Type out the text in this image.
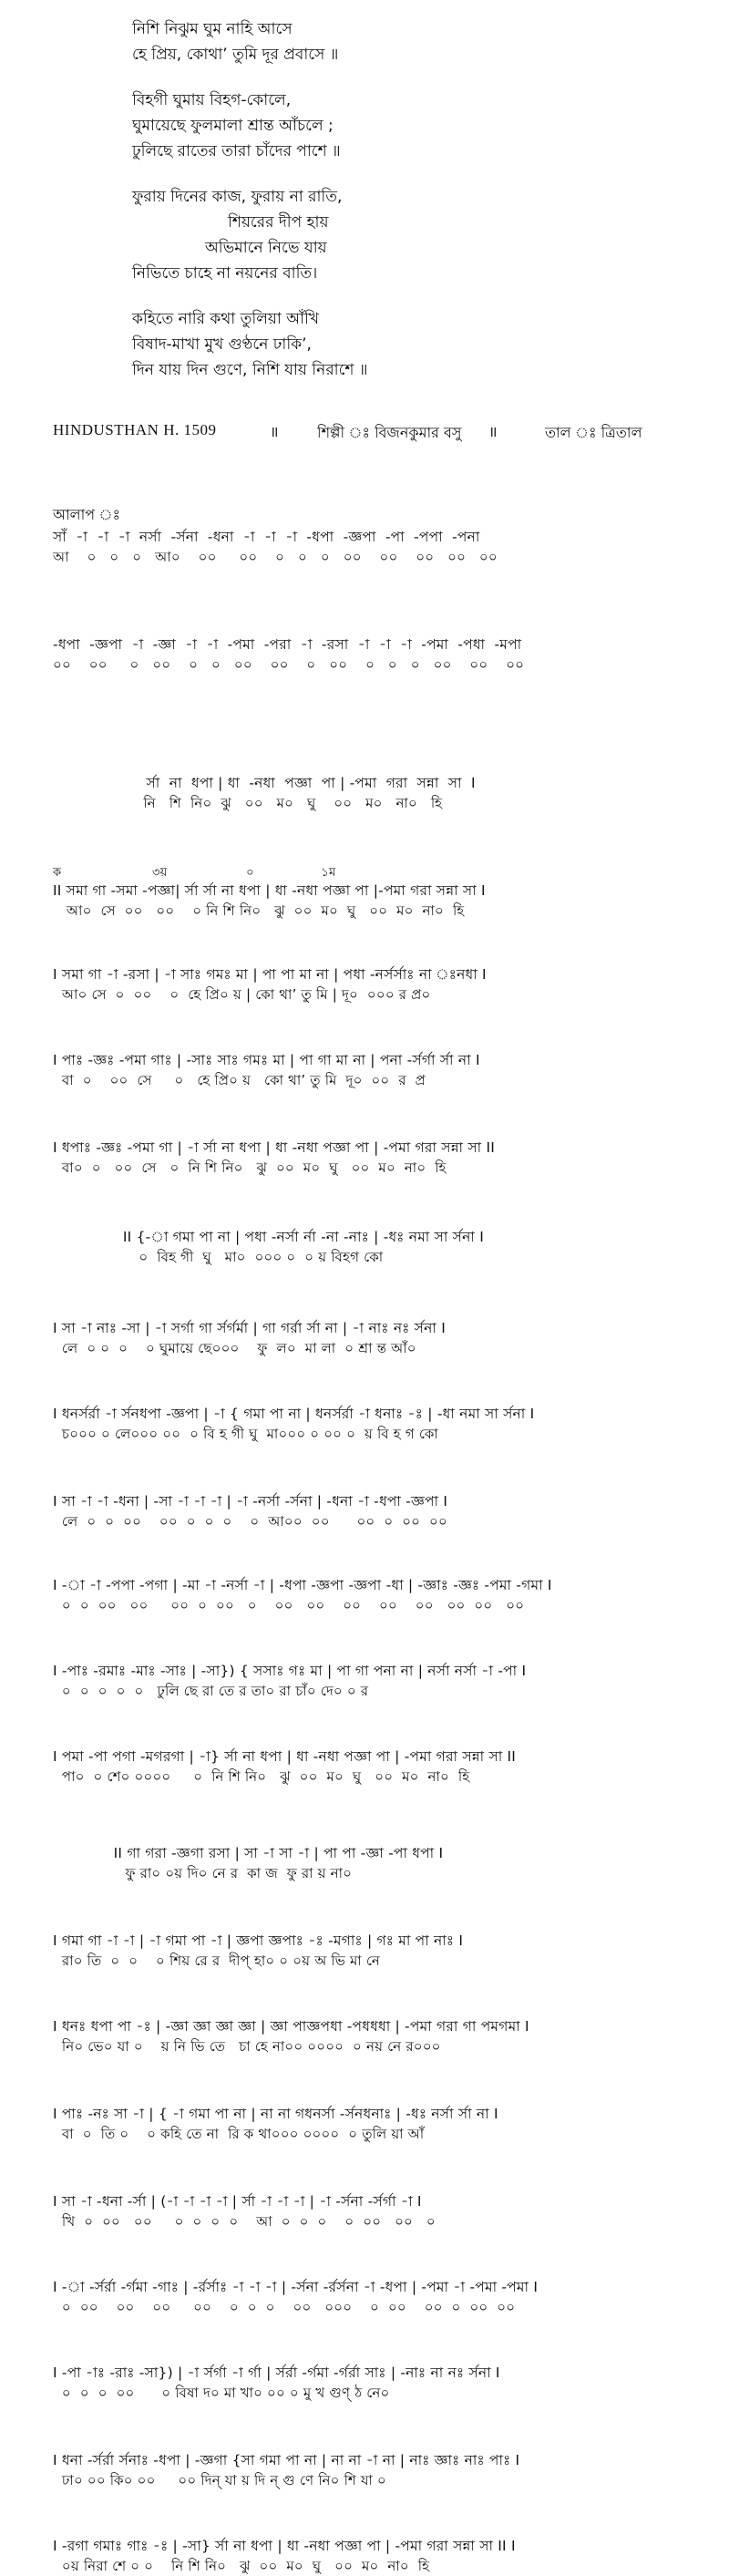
নিশি নিঝুম ঘুম নাহি আসে
হে প্রিয়, কোথা’ তুমি দূর প্রবাসে ॥
বিহগী ঘুমায় বিহগ-কোলে,
ঘুমায়েছে ফুলমালা শ্রান্ত আঁচলে ;
ঢুলিছে রাতের তারা চাঁদের পাশে ॥
ফুরায় দিনের কাজ, ফুরায় না রাতি,
শিয়রের দীপ হায়
অভিমানে নিভে যায়
নিভিতে চাহে না নয়নের বাতি।
কহিতে নারি কথা তুলিয়া আঁখি
বিষাদ-মাখা মুখ গুণ্ঠনে ঢাকি’,
দিন যায় দিন গুণে, নিশি যায় নিরাশে ॥
HINDUSTHAN H. 1509	॥	শিল্পী ঃ বিজনকুমার বসু ॥	তাল ঃ ত্রিতাল
আলাপ ঃ
সাঁ  -া  -া  -া  নর্সা  -র্সনা  -ধনা  -া  -া  -া  -ধপা  -জ্ঞপা  -পা  -পপা  -পনা
আ    ০   ০   ০   আ০    ০০     ০০    ০   ০   ০   ০০    ০০    ০০   ০০   ০০
-ধপা  -জ্ঞপা  -া  -জ্ঞা  -া  -া  -পমা  -পরা  -া  -রসা  -া  -া  -া  -পমা  -পধা  -মপা
০০    ০০     ০   ০০    ০   ০   ০০    ০০    ০   ০০    ০   ০   ০   ০০    ০০    ০০
র্সা  না  ধপা | ধা  -নধা  পজ্ঞা  পা | -পমা  গরা  সন্না  সা  I
নি   শি  নি০  ঝু   ০০   ম০   ঘু    ০০   ম০   না০   হি
ক                       ৩য়                    ০                 ১ম
II সমা গা -সমা -পজ্ঞা| র্সা র্সা না ধপা | ধা -নধা পজ্ঞা পা |-পমা গরা সন্না সা I
আ০  সে  ০০   ০০    ০ নি শি নি০   ঝু  ০০  ম০  ঘু   ০০  ম০  না০  হি
I সমা গা -া -রসা | -া সাঃ গমঃ মা | পা পা মা না | পধা -নর্সর্সাঃ না ঃনধা I
আ০ সে  ০  ০০    ০  হে প্রি০ য় | কো থা’ তু মি | দূ০  ০০০ র প্র০
I পাঃ -জ্ঞঃ -পমা গাঃ | -সাঃ সাঃ গমঃ মা | পা গা মা না | পনা -র্সর্গা র্সা না I
বা  ০    ০০  সে     ০   হে প্রি০ য়   কো থা’ তু মি  দূ০  ০০  র  প্র
I ধপাঃ -জ্ঞঃ -পমা গা | -া র্সা না ধপা | ধা -নধা পজ্ঞা পা | -পমা গরা সন্না সা II
বা০  ০   ০০  সে   ০  নি শি নি০   ঝু  ০০  ম০  ঘু   ০০  ম০  না০  হি
II {-া গমা পা না | পধা -নর্সা র্না -না -নাঃ | -ধঃ নমা সা র্সনা I
০  বিহ গী  ঘু   মা০  ০০০ ০  ০ য় বিহগ কো
I সা -া নাঃ -সা | -া সর্গা গা র্সর্গর্মা | গা গর্রা র্সা না | -া নাঃ নঃ র্সনা I
লে  ০ ০  ০    ০ ঘুমায়ে ছে০০০    ফু  ল০  মা লা  ০ শ্রা ন্ত আঁ০
I ধনর্সর্রা -া র্সনধপা -জ্ঞপা | -া { গমা পা না | ধনর্সর্রা -া ধনাঃ -ঃ | -ধা নমা সা র্সনা I
চ০০০ ০ লে০০০ ০০  ০ বি হ গী ঘু  মা০০০ ০ ০০ ০  য় বি হ গ কো
I সা -া -া -ধনা | -সা -া -া -া | -া -নর্সা -র্সনা | -ধনা -া -ধপা -জ্ঞপা I
লে  ০  ০  ০০    ০০  ০  ০  ০    ০  আ০০  ০০      ০০  ০  ০০  ০০
I -া -া -পপা -পগা | -মা -া -নর্সা -া | -ধপা -জ্ঞপা -জ্ঞপা -ধা | -জ্ঞাঃ -জ্ঞঃ -পমা -গমা I
০  ০  ০০   ০০     ০০  ০  ০০   ০    ০০   ০০    ০০    ০০    ০০   ০০  ০০   ০০
I -পাঃ -রমাঃ -মাঃ -সাঃ | -সা}) { সসাঃ গঃ মা | পা গা পনা না | নর্সা নর্সা -া -পা I
০  ০  ০  ০  ০   ঢুলি ছে রা তে র তা০ রা চাঁ০ দে০ ০ র
I পমা -পা পগা -মগরগা | -া} র্সা না ধপা | ধা -নধা পজ্ঞা পা | -পমা গরা সন্না সা II
পা০  ০ শে০ ০০০০     ০  নি শি নি০   ঝু  ০০  ম০  ঘু   ০০  ম০  না০  হি
II গা গরা -জ্ঞগা রসা | সা -া সা -া | পা পা -জ্ঞা -পা ধপা I
ফু রা০ ০য় দি০ নে র  কা জ  ফু রা য় না০
I গমা গা -া -া | -া গমা পা -া | জ্ঞপা জ্ঞপাঃ -ঃ -মগাঃ | গঃ মা পা নাঃ I
রা০ তি  ০  ০    ০ শিয় রে র  দীপ্ হা০ ০ ০য় অ ভি মা নে
I ধনঃ ধপা পা -ঃ | -জ্ঞা জ্ঞা জ্ঞা জ্ঞা | জ্ঞা পাজ্ঞপধা -পধধধা | -পমা গরা গা পমগমা I
নি০ ভে০ যা ০    য় নি ভি তে   চা হে না০০ ০০০০  ০ নয় নে র০০০
I পাঃ -নঃ সা -া | { -া গমা পা না | না না গধনর্সা -র্সনধনাঃ | -ধঃ নর্সা র্সা না I
বা  ০  তি ০    ০ কহি তে না  রি ক থা০০০ ০০০০  ০ তুলি য়া আঁ
I সা -া -ধনা -র্সা | (-া -া -া -া | র্সা -া -া -া | -া -র্সনা -র্সর্গা -া I
খি  ০  ০০   ০০     ০  ০  ০  ০    আ  ০  ০  ০    ০  ০০   ০০   ০
I -া -র্সর্রা -র্গমা -গাঃ | -র্রর্সাঃ -া -া -া | -র্সনা -র্রর্সনা -া -ধপা | -পমা -া -পমা -পমা I
০  ০০    ০০    ০০     ০০    ০  ০  ০    ০০   ০০০    ০  ০০    ০০  ০  ০০  ০০
I -পা -াঃ -রাঃ -সা}) | -া র্সর্গা -া র্গা | র্সর্রা -র্গমা -র্গর্রা সাঃ | -নাঃ না নঃ র্সনা I
০  ০  ০  ০০      ০ বিষা দ০ মা খা০ ০০ ০ মু খ গুণ্ ঠ নে০
I ধনা -র্সর্রা র্সনাঃ -ধপা | -জ্ঞগা {সা গমা পা না | না না -া না | নাঃ জ্ঞাঃ নাঃ পাঃ I
ঢা০ ০০ কি০ ০০     ০০ দিন্ যা য় দি ন্ গু ণে নি০ শি যা ০
I -রগা গমাঃ গাঃ -ঃ | -সা} র্সা না ধপা | ধা -নধা পজ্ঞা পা | -পমা গরা সন্না সা II I
০য় নিরা শে ০ ০    নি শি নি০   ঝু  ০০  ম০  ঘু   ০০  ম০  না০  হি
